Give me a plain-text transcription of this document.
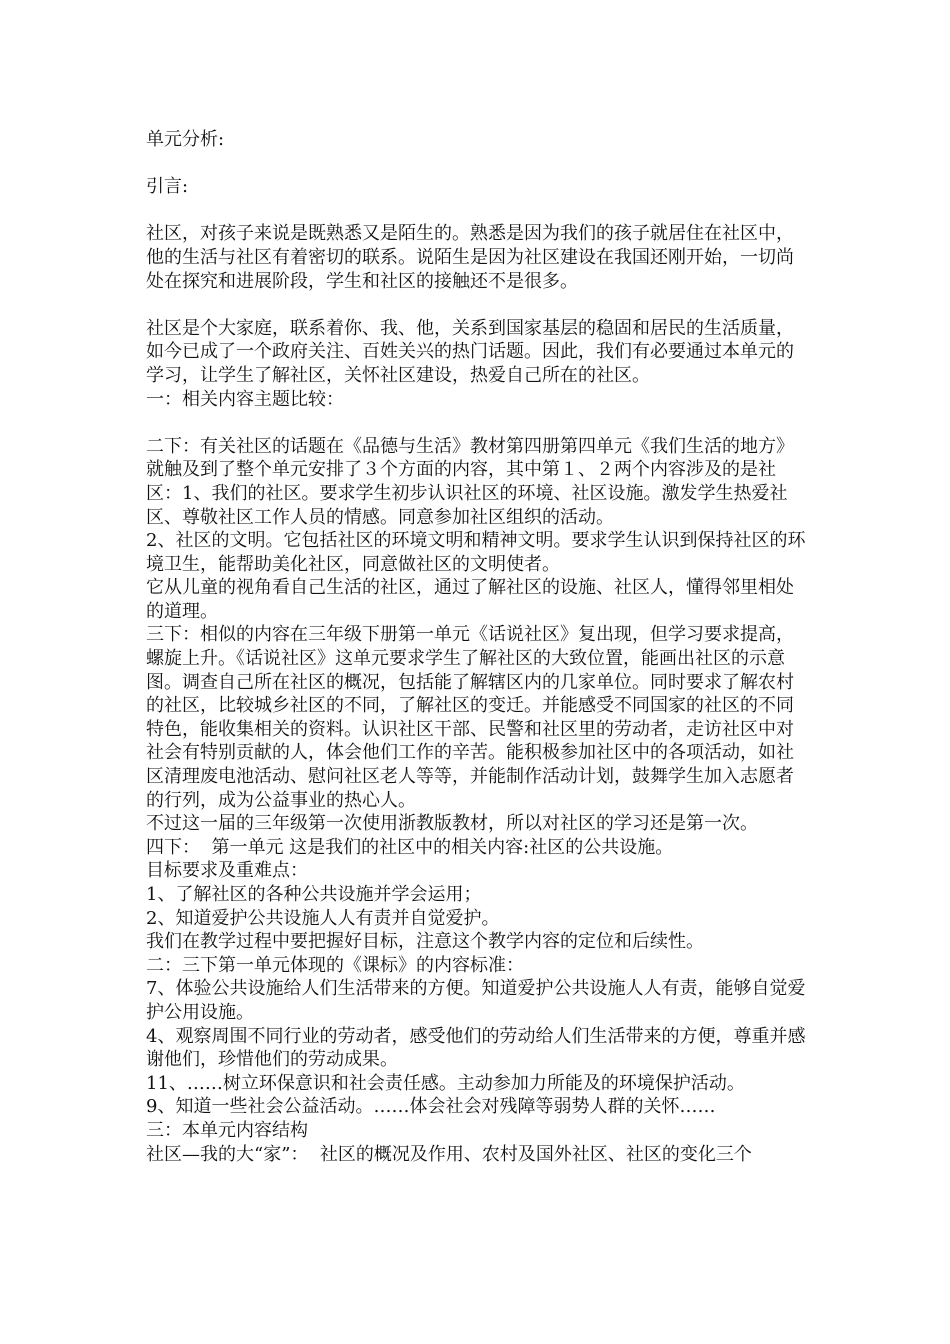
单元分析:

引言:

社区，对孩子来说是既熟悉又是陌生的。熟悉是因为我们的孩子就居住在社区中，他的生活与社区有着密切的联系。说陌生是因为社区建设在我国还刚开始，一切尚处在探究和进展阶段，学生和社区的接触还不是很多。

社区是个大家庭，联系着你、我、他，关系到国家基层的稳固和居民的生活质量，如今已成了一个政府关注、百姓关兴的热门话题。因此，我们有必要通过本单元的学习，让学生了解社区，关怀社区建设，热爱自己所在的社区。

一：相关内容主题比较：

二下：有关社区的话题在《品德与生活》教材第四册第四单元《我们生活的地方》就触及到了整个单元安排了３个方面的内容，其中第１、２两个内容涉及的是社区：1、我们的社区。要求学生初步认识社区的环境、社区设施。激发学生热爱社区、尊敬社区工作人员的情感。同意参加社区组织的活动。

2、社区的文明。它包括社区的环境文明和精神文明。要求学生认识到保持社区的环境卫生，能帮助美化社区，同意做社区的文明使者。

它从儿童的视角看自己生活的社区，通过了解社区的设施、社区人，懂得邻里相处的道理。

三下：相似的内容在三年级下册第一单元《话说社区》复出现，但学习要求提高，螺旋上升。《话说社区》这单元要求学生了解社区的大致位置，能画出社区的示意图。调查自己所在社区的概况，包括能了解辖区内的几家单位。同时要求了解农村的社区，比较城乡社区的不同，了解社区的变迁。并能感受不同国家的社区的不同特色，能收集相关的资料。认识社区干部、民警和社区里的劳动者，走访社区中对社会有特别贡献的人，体会他们工作的辛苦。能积极参加社区中的各项活动，如社区清理废电池活动、慰问社区老人等等，并能制作活动计划，鼓舞学生加入志愿者的行列，成为公益事业的热心人。

不过这一届的三年级第一次使用浙教版教材，所以对社区的学习还是第一次。

四下：  第一单元 这是我们的社区中的相关内容:社区的公共设施。

目标要求及重难点：

1、了解社区的各种公共设施并学会运用；

2、知道爱护公共设施人人有责并自觉爱护。

我们在教学过程中要把握好目标，注意这个教学内容的定位和后续性。

二：三下第一单元体现的《课标》的内容标准：

7、体验公共设施给人们生活带来的方便。知道爱护公共设施人人有责，能够自觉爱护公用设施。

4、观察周围不同行业的劳动者，感受他们的劳动给人们生活带来的方便，尊重并感谢他们，珍惜他们的劳动成果。

11、……树立环保意识和社会责任感。主动参加力所能及的环境保护活动。

9、知道一些社会公益活动。……体会社会对残障等弱势人群的关怀……

三：本单元内容结构

社区—我的大“家”：  社区的概况及作用、农村及国外社区、社区的变化三个
